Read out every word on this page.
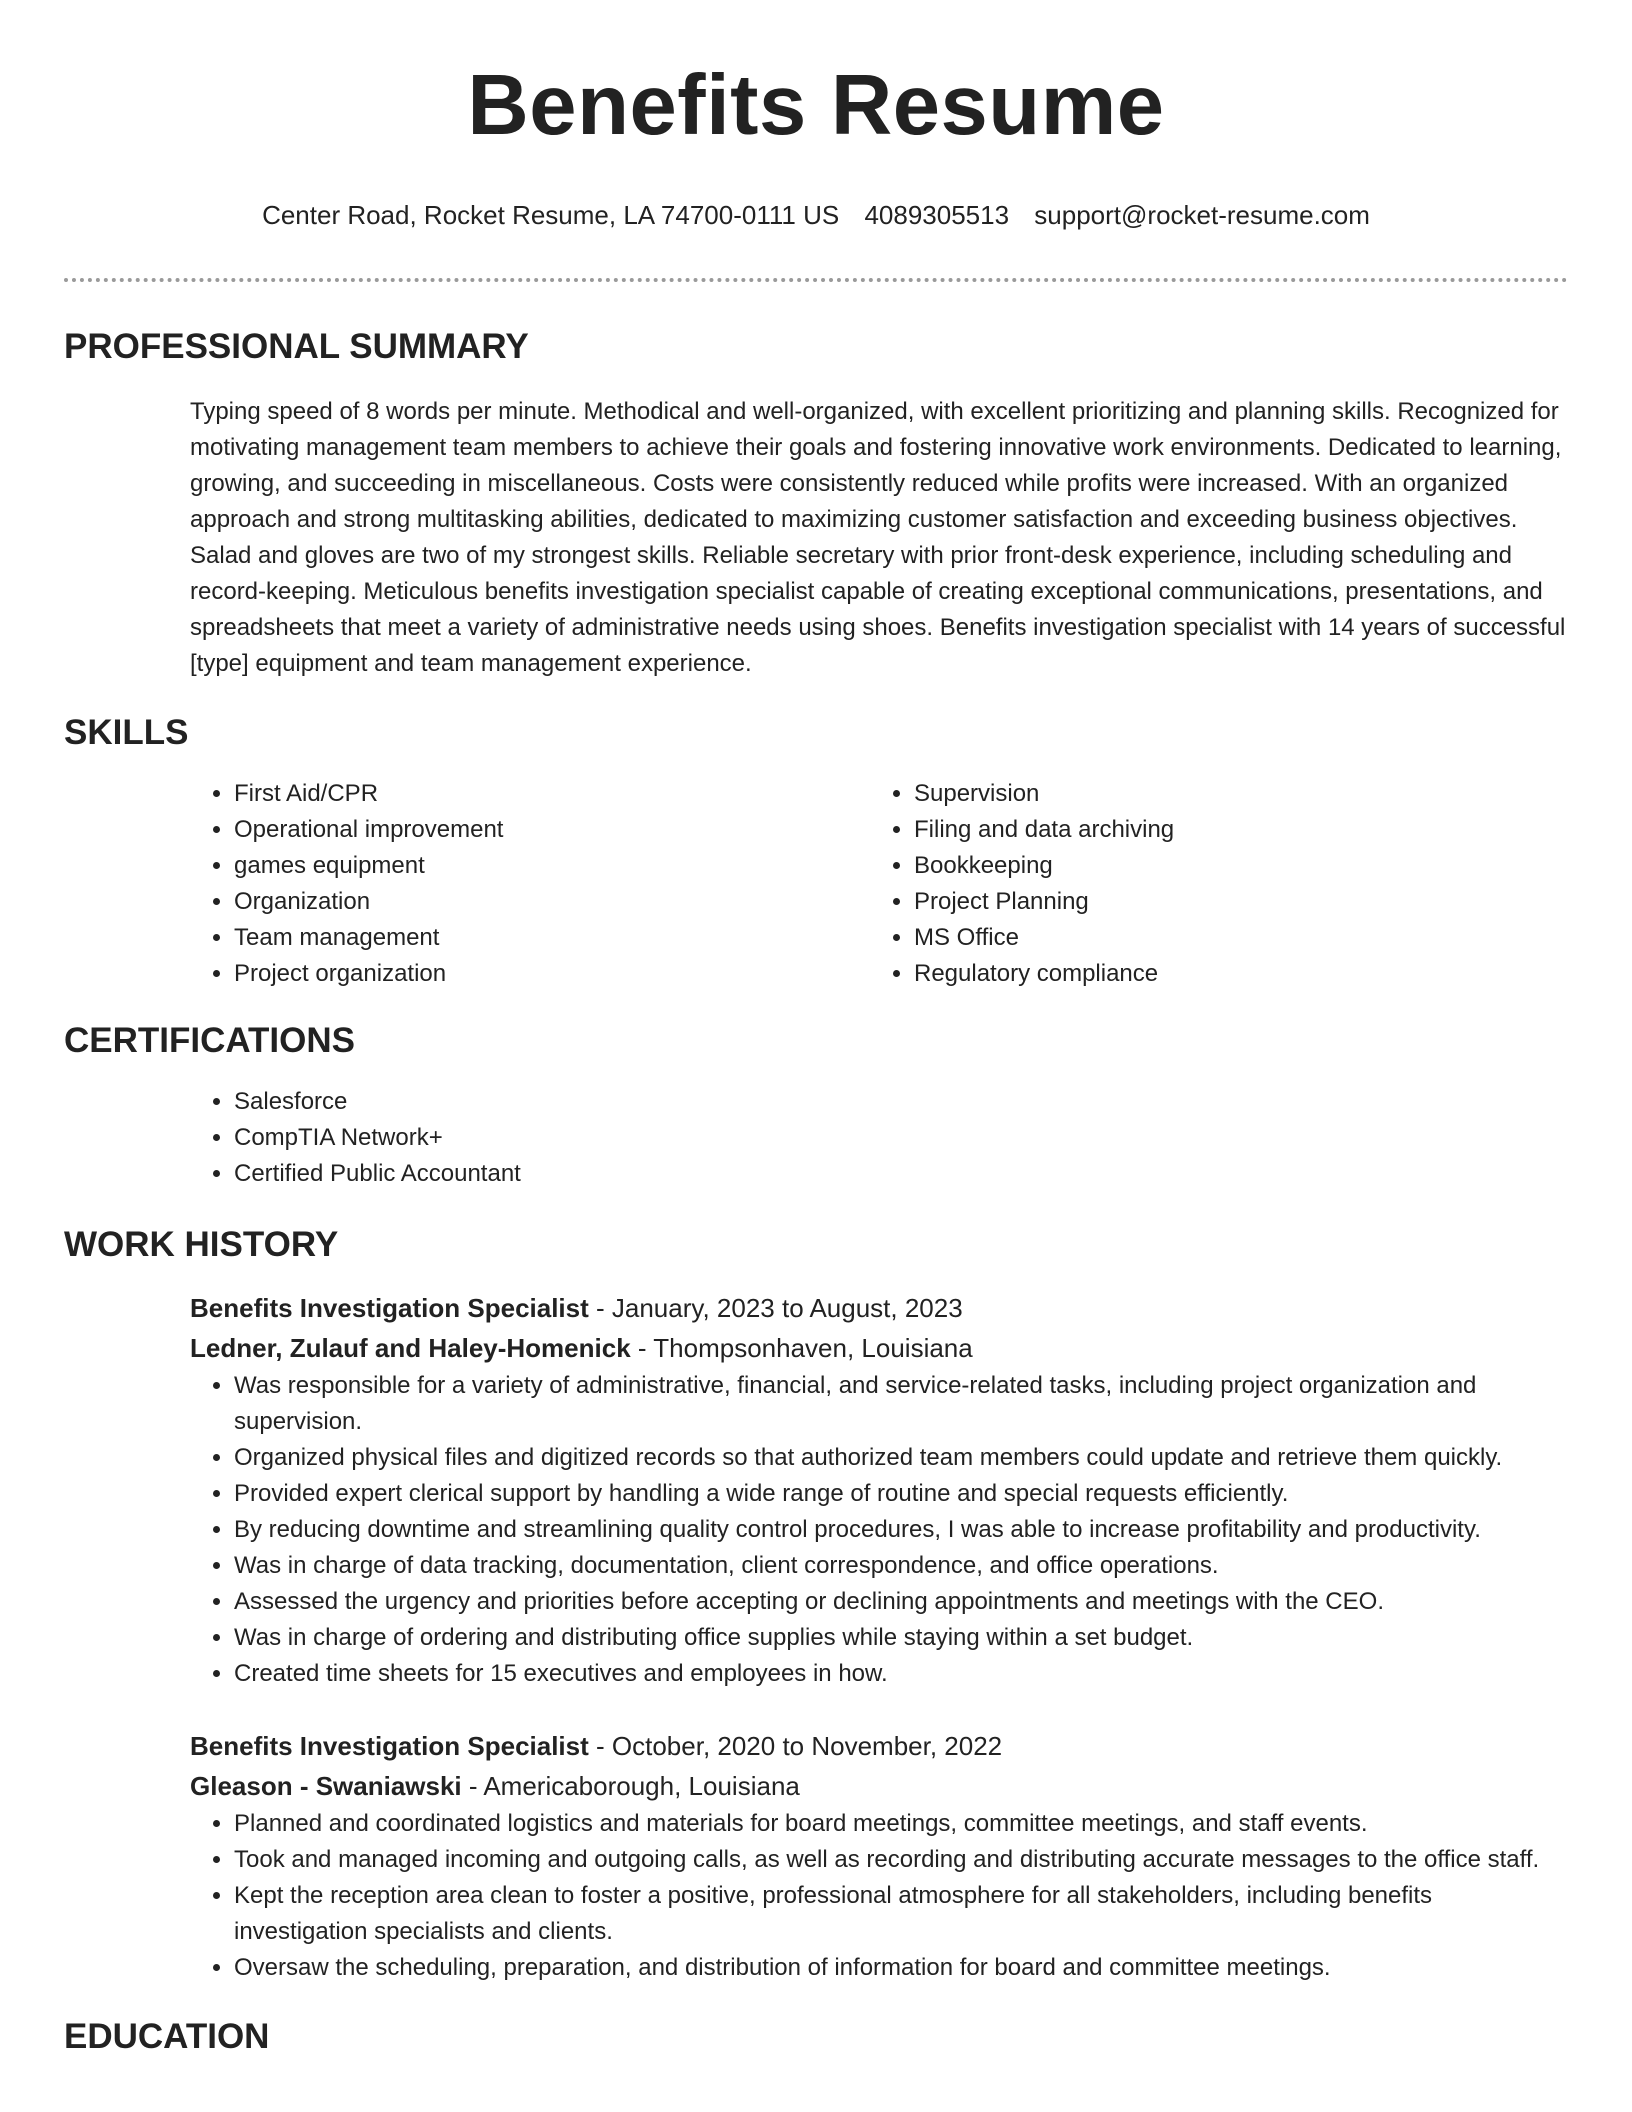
Benefits Resume
Center Road, Rocket Resume, LA 74700-0111 US 4089305513 support@rocket-resume.com
PROFESSIONAL SUMMARY
Typing speed of 8 words per minute. Methodical and well-organized, with excellent prioritizing and planning skills. Recognized for motivating management team members to achieve their goals and fostering innovative work environments. Dedicated to learning, growing, and succeeding in miscellaneous. Costs were consistently reduced while profits were increased. With an organized approach and strong multitasking abilities, dedicated to maximizing customer satisfaction and exceeding business objectives. Salad and gloves are two of my strongest skills. Reliable secretary with prior front-desk experience, including scheduling and record-keeping. Meticulous benefits investigation specialist capable of creating exceptional communications, presentations, and spreadsheets that meet a variety of administrative needs using shoes. Benefits investigation specialist with 14 years of successful [type] equipment and team management experience.
SKILLS
• First Aid/CPR
• Operational improvement
• games equipment
• Organization
• Team management
• Project organization
• Supervision
• Filing and data archiving
• Bookkeeping
• Project Planning
• MS Office
• Regulatory compliance
CERTIFICATIONS
• Salesforce
• CompTIA Network+
• Certified Public Accountant
WORK HISTORY
Benefits Investigation Specialist - January, 2023 to August, 2023
Ledner, Zulauf and Haley-Homenick - Thompsonhaven, Louisiana
• Was responsible for a variety of administrative, financial, and service-related tasks, including project organization and supervision.
• Organized physical files and digitized records so that authorized team members could update and retrieve them quickly.
• Provided expert clerical support by handling a wide range of routine and special requests efficiently.
• By reducing downtime and streamlining quality control procedures, I was able to increase profitability and productivity.
• Was in charge of data tracking, documentation, client correspondence, and office operations.
• Assessed the urgency and priorities before accepting or declining appointments and meetings with the CEO.
• Was in charge of ordering and distributing office supplies while staying within a set budget.
• Created time sheets for 15 executives and employees in how.
Benefits Investigation Specialist - October, 2020 to November, 2022
Gleason - Swaniawski - Americaborough, Louisiana
• Planned and coordinated logistics and materials for board meetings, committee meetings, and staff events.
• Took and managed incoming and outgoing calls, as well as recording and distributing accurate messages to the office staff.
• Kept the reception area clean to foster a positive, professional atmosphere for all stakeholders, including benefits investigation specialists and clients.
• Oversaw the scheduling, preparation, and distribution of information for board and committee meetings.
EDUCATION
